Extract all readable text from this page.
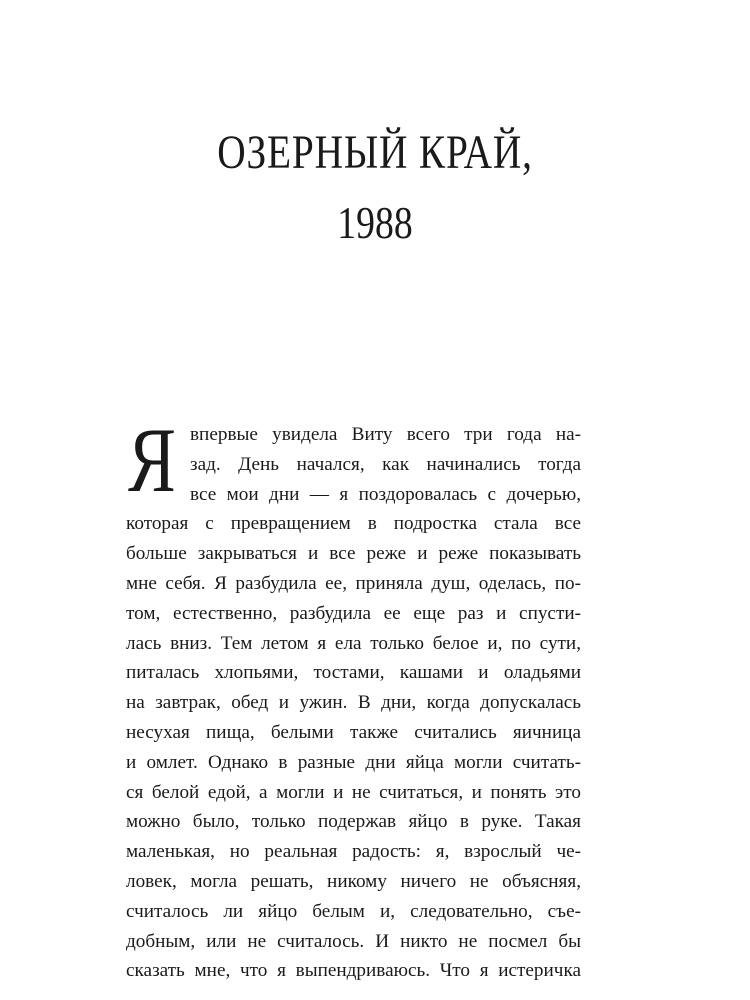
ОЗЕРНЫЙ КРАЙ,
1988
Я впервые увидела Виту всего три года на-
зад. День начался, как начинались тогда
все мои дни — я поздоровалась с дочерью,
которая с превращением в подростка стала все
больше закрываться и все реже и реже показывать
мне себя. Я разбудила ее, приняла душ, оделась, по-
том, естественно, разбудила ее еще раз и спусти-
лась вниз. Тем летом я ела только белое и, по сути,
питалась хлопьями, тостами, кашами и оладьями
на завтрак, обед и ужин. В дни, когда допускалась
несухая пища, белыми также считались яичница
и омлет. Однако в разные дни яйца могли считать-
ся белой едой, а могли и не считаться, и понять это
можно было, только подержав яйцо в руке. Такая
маленькая, но реальная радость: я, взрослый че-
ловек, могла решать, никому ничего не объясняя,
считалось ли яйцо белым и, следовательно, съе-
добным, или не считалось. И никто не посмел бы
сказать мне, что я выпендриваюсь. Что я истеричка
